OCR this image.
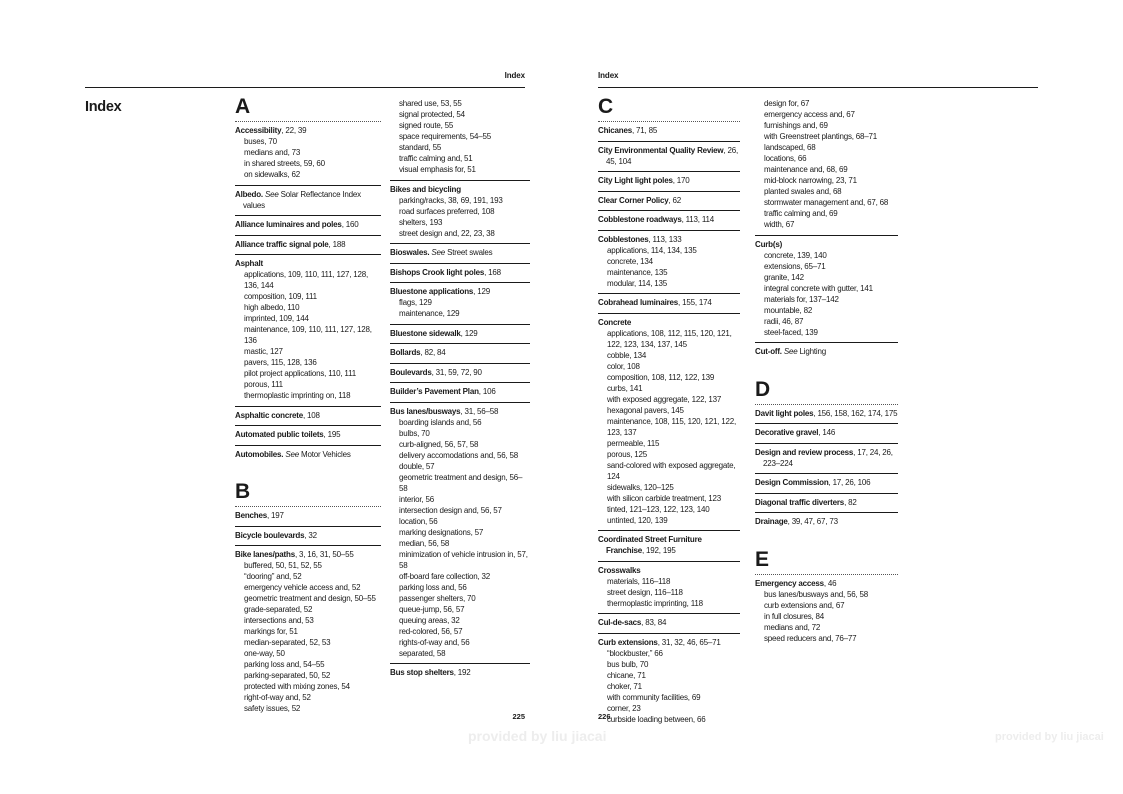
Index	Index
Index	A

Accessibility, 22, 39

buses, 70

medians and, 73

in shared streets, 59, 60

on sidewalks, 62

Albedo. See Solar Reflectance Index values

Alliance luminaires and poles, 160

Alliance traffic signal pole, 188

Asphalt

applications, 109, 110, 111, 127, 128, 136, 144

composition, 109, 111

high albedo, 110

imprinted, 109, 144

maintenance, 109, 110, 111, 127, 128, 136

mastic, 127

pavers, 115, 128, 136

pilot project applications, 110, 111

porous, 111

thermoplastic imprinting on, 118

Asphaltic concrete, 108

Automated public toilets, 195

Automobiles. See Motor Vehicles

B

Benches, 197

Bicycle boulevards, 32

Bike lanes/paths, 3, 16, 31, 50–55

buffered, 50, 51, 52, 55

“dooring” and, 52

emergency vehicle access and, 52

geometric treatment and design, 50–55

grade-separated, 52

intersections and, 53

markings for, 51

median-separated, 52, 53

one-way, 50

parking loss and, 54–55

parking-separated, 50, 52

protected with mixing zones, 54

right-of-way and, 52

safety issues, 52

shared use, 53, 55

signal protected, 54

signed route, 55

space requirements, 54–55

standard, 55

traffic calming and, 51

visual emphasis for, 51

Bikes and bicycling

parking/racks, 38, 69, 191, 193

road surfaces preferred, 108

shelters, 193

street design and, 22, 23, 38

Bioswales. See Street swales

Bishops Crook light poles, 168

Bluestone applications, 129

flags, 129

maintenance, 129

Bluestone sidewalk, 129

Bollards, 82, 84

Boulevards, 31, 59, 72, 90

Builder’s Pavement Plan, 106

Bus lanes/busways, 31, 56–58

boarding islands and, 56

bulbs, 70

curb-aligned, 56, 57, 58

delivery accomodations and, 56, 58

double, 57

geometric treatment and design, 56–58

interior, 56

intersection design and, 56, 57

location, 56

marking designations, 57

median, 56, 58

minimization of vehicle intrusion in, 57, 58

off-board fare collection, 32

parking loss and, 56

passenger shelters, 70

queue-jump, 56, 57

queuing areas, 32

red-colored, 56, 57

rights-of-way and, 56

separated, 58

Bus stop shelters, 192

C

Chicanes, 71, 85

City Environmental Quality Review, 26, 45, 104

City Light light poles, 170

Clear Corner Policy, 62

Cobblestone roadways, 113, 114

Cobblestones, 113, 133

applications, 114, 134, 135

concrete, 134

maintenance, 135

modular, 114, 135

Cobrahead luminaires, 155, 174

Concrete

applications, 108, 112, 115, 120, 121, 122, 123, 134, 137, 145

cobble, 134

color, 108

composition, 108, 112, 122, 139

curbs, 141

with exposed aggregate, 122, 137

hexagonal pavers, 145

maintenance, 108, 115, 120, 121, 122, 123, 137

permeable, 115

porous, 125

sand-colored with exposed aggregate, 124

sidewalks, 120–125

with silicon carbide treatment, 123

tinted, 121–123, 122, 123, 140

untinted, 120, 139

Coordinated Street Furniture Franchise, 192, 195

Crosswalks

materials, 116–118

street design, 116–118

thermoplastic imprinting, 118

Cul-de-sacs, 83, 84

Curb extensions, 31, 32, 46, 65–71

“blockbuster,” 66

bus bulb, 70

chicane, 71

choker, 71

with community facilities, 69

corner, 23

curbside loading between, 66

design for, 67

emergency access and, 67

furnishings and, 69

with Greenstreet plantings, 68–71

landscaped, 68

locations, 66

maintenance and, 68, 69

mid-block narrowing, 23, 71

planted swales and, 68

stormwater management and, 67, 68

traffic calming and, 69

width, 67

Curb(s)

concrete, 139, 140

extensions, 65–71

granite, 142

integral concrete with gutter, 141

materials for, 137–142

mountable, 82

radii, 46, 87

steel-faced, 139

Cut-off. See Lighting

D

Davit light poles, 156, 158, 162, 174, 175

Decorative gravel, 146

Design and review process, 17, 24, 26, 223–224

Design Commission, 17, 26, 106

Diagonal traffic diverters, 82

Drainage, 39, 47, 67, 73

E

Emergency access, 46

bus lanes/busways and, 56, 58

curb extensions and, 67

in full closures, 84

medians and, 72

speed reducers and, 76–77

225	226
provided by liu jiacai	provided by liu jiacai
